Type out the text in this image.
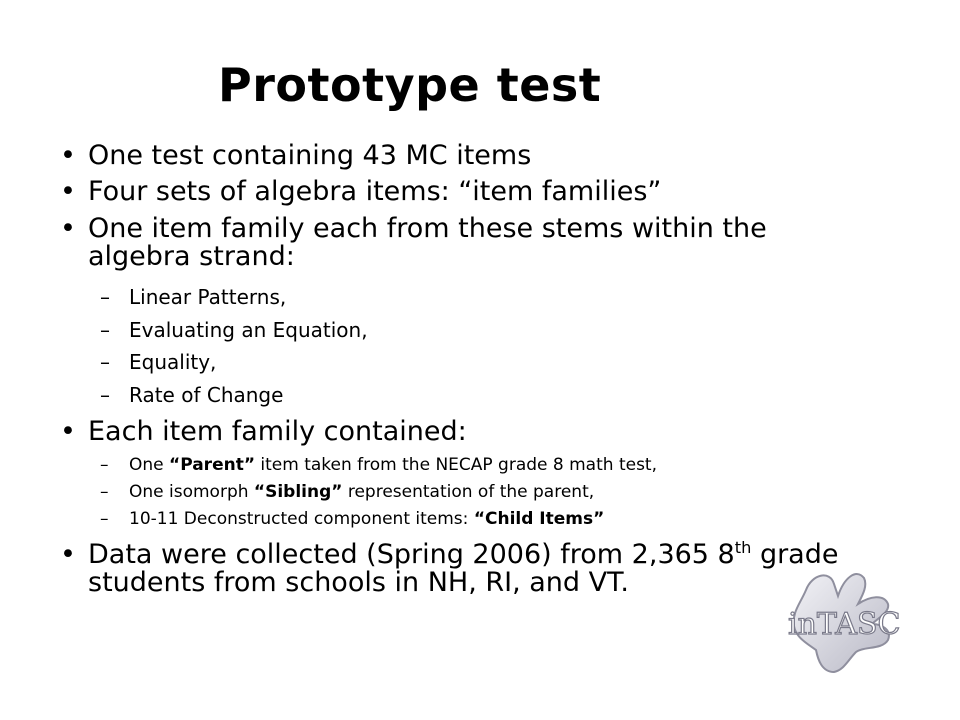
Prototype test
• One test containing 43 MC items
• Four sets of algebra items: “item families”
• One item family each from these stems within the algebra strand:
– Linear Patterns,
– Evaluating an Equation,
– Equality,
– Rate of Change
• Each item family contained:
– One “Parent” item taken from the NECAP grade 8 math test,
– One isomorph “Sibling” representation of the parent,
– 10-11 Deconstructed component items: “Child Items”
• Data were collected (Spring 2006) from 2,365 8th grade students from schools in NH, RI, and VT.
inTASC
